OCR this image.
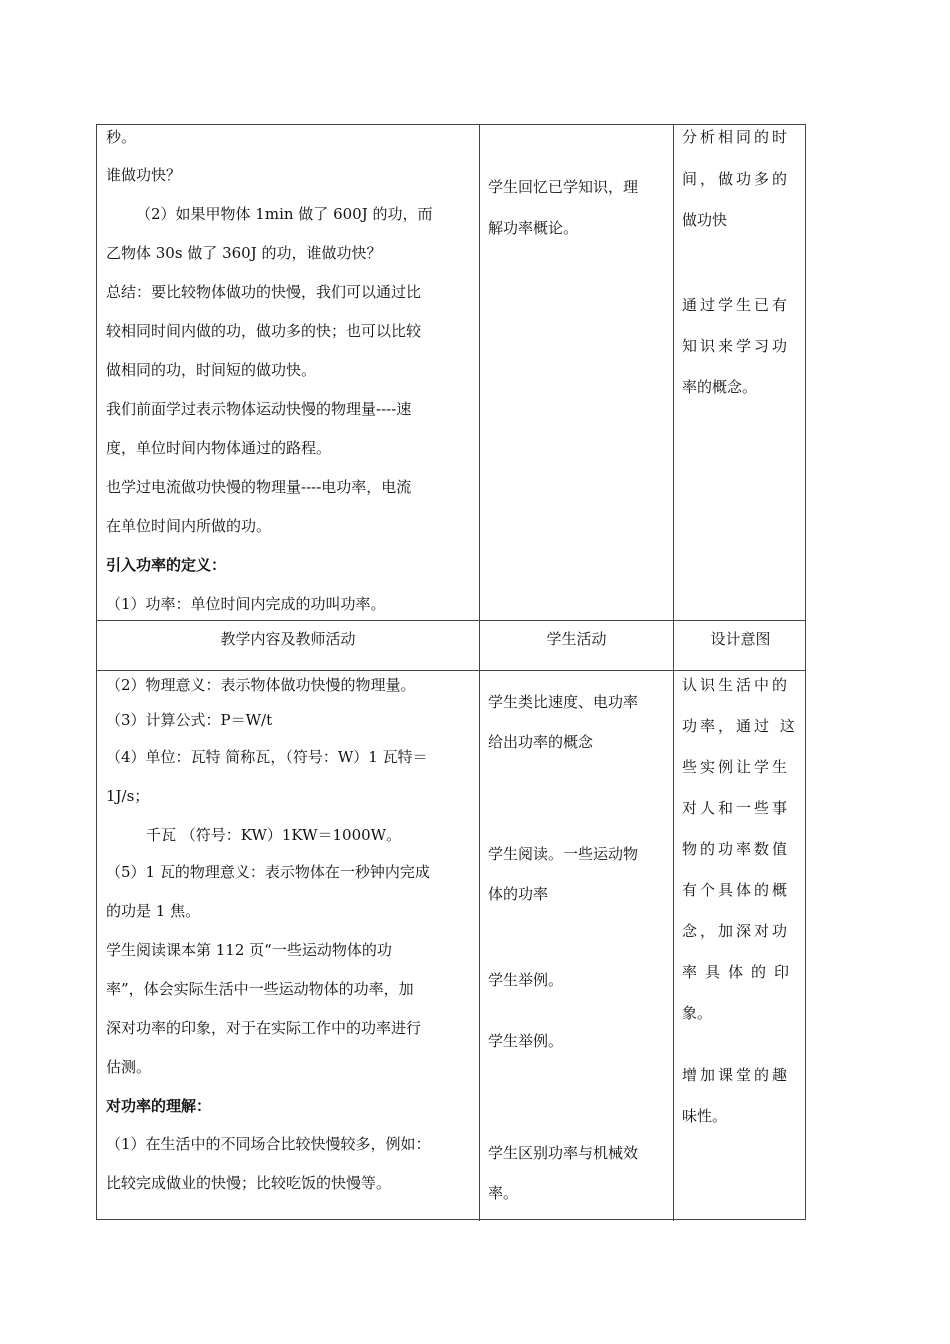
教学内容及教师活动	学生活动	设计意图
秒。
谁做功快？
（2）如果甲物体 1min 做了 600J 的功，而
乙物体 30s 做了 360J 的功，谁做功快？
总结：要比较物体做功的快慢，我们可以通过比
较相同时间内做的功，做功多的快；也可以比较
做相同的功，时间短的做功快。
我们前面学过表示物体运动快慢的物理量----速
度，单位时间内物体通过的路程。
也学过电流做功快慢的物理量----电功率，电流
在单位时间内所做的功。
引入功率的定义：
（1）功率：单位时间内完成的功叫功率。
学生回忆已学知识，理
解功率概论。
分析相同的时
间，做功多的
做功快
通过学生已有
知识来学习功
率的概念。
（2）物理意义：表示物体做功快慢的物理量。
（3）计算公式：P＝W/t
（4）单位：瓦特 简称瓦，（符号：W）1 瓦特＝
1J/s；
千瓦 （符号：KW）1KW＝1000W。
（5）1 瓦的物理意义：表示物体在一秒钟内完成
的功是 1 焦。
学生阅读课本第 112 页“一些运动物体的功
率”，体会实际生活中一些运动物体的功率，加
深对功率的印象，对于在实际工作中的功率进行
估测。
对功率的理解：
（1）在生活中的不同场合比较快慢较多，例如：
比较完成做业的快慢；比较吃饭的快慢等。
学生类比速度、电功率
给出功率的概念
学生阅读。一些运动物
体的功率
学生举例。
学生举例。
学生区别功率与机械效
率。
认识生活中的
功率，通过 这
些实例让学生
对人和一些事
物的功率数值
有个具体的概
念，加深对功
率具体的印
象。
增加课堂的趣
味性。
